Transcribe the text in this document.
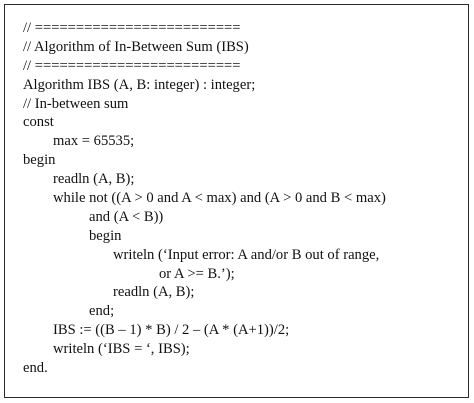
// =========================
// Algorithm of In-Between Sum (IBS)
// =========================
Algorithm IBS (A, B: integer) : integer;
// In-between sum
const
max = 65535;
begin
readln (A, B);
while not ((A > 0 and A < max) and (A > 0 and B < max)
and (A < B))
begin
writeln (‘Input error: A and/or B out of range,
or A >= B.’);
readln (A, B);
end;
IBS := ((B – 1) * B) / 2 – (A * (A+1))/2;
writeln (‘IBS = ‘, IBS);
end.
